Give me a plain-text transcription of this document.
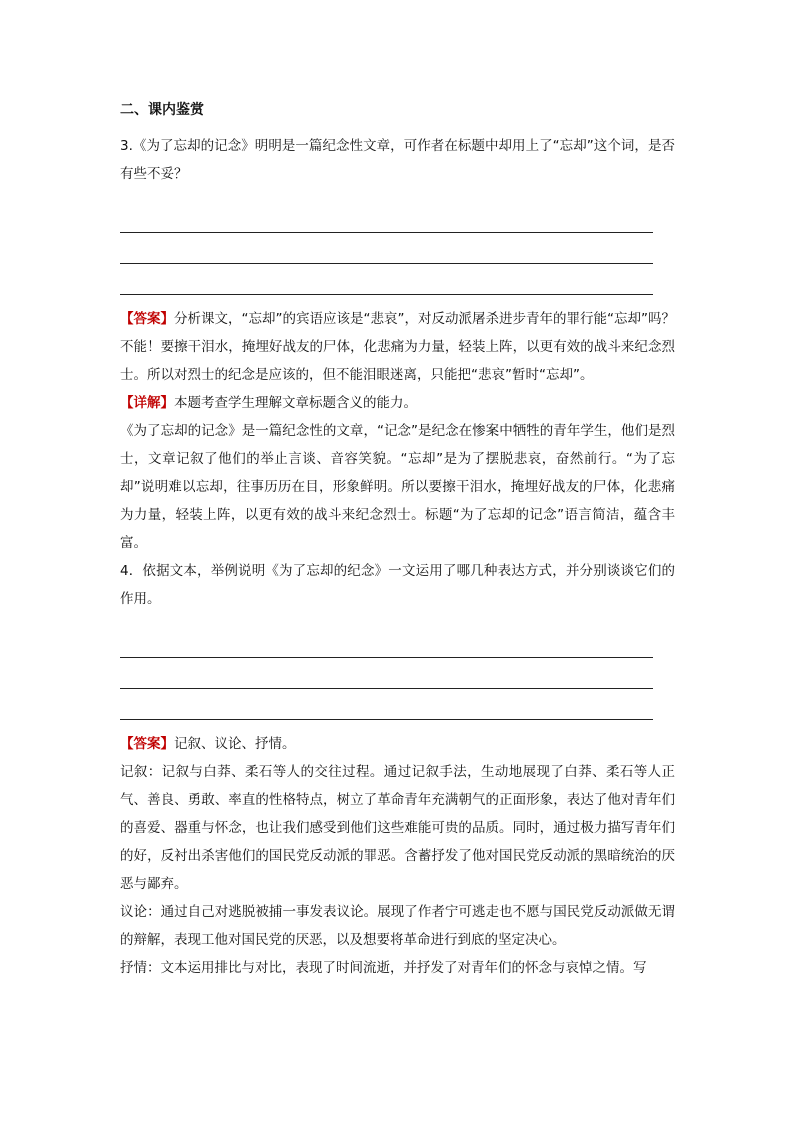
二、课内鉴赏

3.《为了忘却的记念》明明是一篇纪念性文章，可作者在标题中却用上了“忘却”这个词，是否有些不妥？

【答案】分析课文，“忘却”的宾语应该是“悲哀”，对反动派屠杀进步青年的罪行能“忘却”吗？不能！要擦干泪水，掩埋好战友的尸体，化悲痛为力量，轻装上阵，以更有效的战斗来纪念烈士。所以对烈士的纪念是应该的，但不能泪眼迷离，只能把“悲哀”暂时“忘却”。

【详解】本题考查学生理解文章标题含义的能力。

《为了忘却的记念》是一篇纪念性的文章，“记念”是纪念在惨案中牺牲的青年学生，他们是烈士，文章记叙了他们的举止言谈、音容笑貌。“忘却”是为了摆脱悲哀，奋然前行。“为了忘却”说明难以忘却，往事历历在目，形象鲜明。所以要擦干泪水，掩埋好战友的尸体，化悲痛为力量，轻装上阵，以更有效的战斗来纪念烈士。标题“为了忘却的记念”语言简洁，蕴含丰富。

4．依据文本，举例说明《为了忘却的纪念》一文运用了哪几种表达方式，并分别谈谈它们的作用。

【答案】记叙、议论、抒情。

记叙：记叙与白莽、柔石等人的交往过程。通过记叙手法，生动地展现了白莽、柔石等人正气、善良、勇敢、率直的性格特点，树立了革命青年充满朝气的正面形象，表达了他对青年们的喜爱、器重与怀念，也让我们感受到他们这些难能可贵的品质。同时，通过极力描写青年们的好，反衬出杀害他们的国民党反动派的罪恶。含蓄抒发了他对国民党反动派的黑暗统治的厌恶与鄙弃。

议论：通过自己对逃脱被捕一事发表议论。展现了作者宁可逃走也不愿与国民党反动派做无谓的辩解，表现工他对国民党的厌恶，以及想要将革命进行到底的坚定决心。

抒情：文本运用排比与对比，表现了时间流逝，并抒发了对青年们的怀念与哀悼之情。写
